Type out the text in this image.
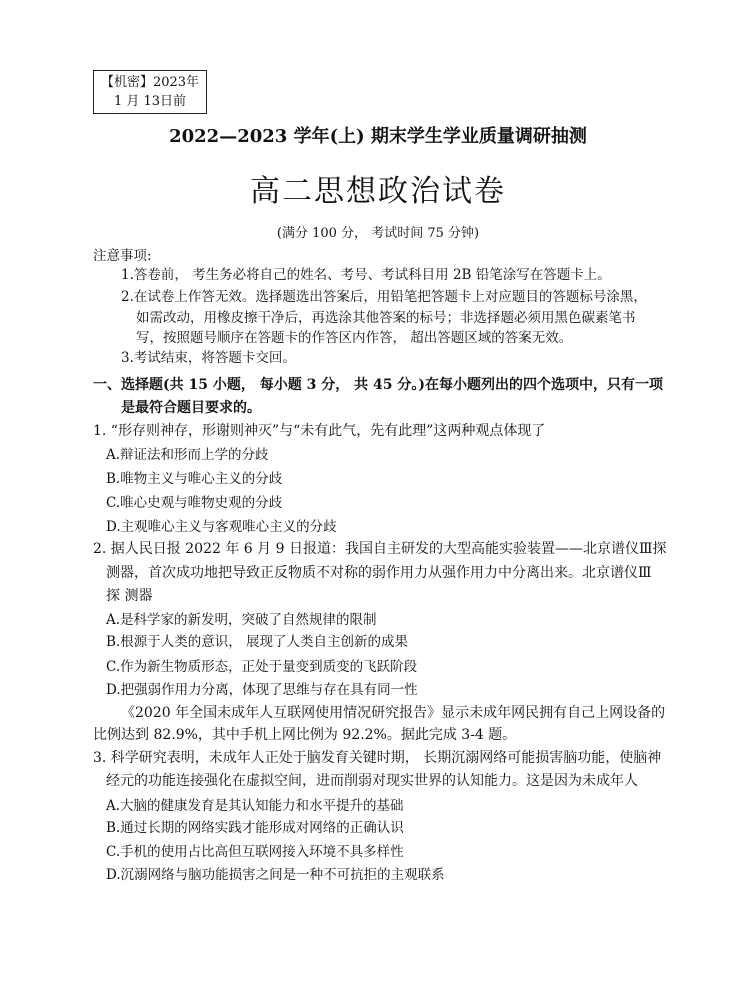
【机密】2023年
1 月 13日前
2022—2023 学年(上) 期末学生学业质量调研抽测
高二思想政治试卷
(满分 100 分， 考试时间 75 分钟)
注意事项:
1.答卷前， 考生务必将自己的姓名、考号、考试科目用 2B 铅笔涂写在答题卡上。
2.在试卷上作答无效。选择题选出答案后，用铅笔把答题卡上对应题目的答题标号涂黑，
如需改动，用橡皮擦干净后，再选涂其他答案的标号；非选择题必须用黑色碳素笔书
写，按照题号顺序在答题卡的作答区内作答， 超出答题区域的答案无效。
3.考试结束，将答题卡交回。
一、选择题(共 15 小题， 每小题 3 分， 共 45 分。)在每小题列出的四个选项中，只有一项
是最符合题目要求的。
1. “形存则神存，形谢则神灭”与“未有此气，先有此理”这两种观点体现了
A.辩证法和形而上学的分歧
B.唯物主义与唯心主义的分歧
C.唯心史观与唯物史观的分歧
D.主观唯心主义与客观唯心主义的分歧
2. 据人民日报 2022 年 6 月 9 日报道：我国自主研发的大型高能实验装置——北京谱仪Ⅲ探
测器，首次成功地把导致正反物质不对称的弱作用力从强作用力中分离出来。北京谱仪Ⅲ
探 测器
A.是科学家的新发明，突破了自然规律的限制
B.根源于人类的意识， 展现了人类自主创新的成果
C.作为新生物质形态，正处于量变到质变的飞跃阶段
D.把强弱作用力分离，体现了思维与存在具有同一性
《2020 年全国未成年人互联网使用情况研究报告》显示未成年网民拥有自己上网设备的
比例达到 82.9%，其中手机上网比例为 92.2%。据此完成 3-4 题。
3. 科学研究表明，未成年人正处于脑发育关键时期， 长期沉溺网络可能损害脑功能，使脑神
经元的功能连接强化在虚拟空间，进而削弱对现实世界的认知能力。这是因为未成年人
A.大脑的健康发育是其认知能力和水平提升的基础
B.通过长期的网络实践才能形成对网络的正确认识
C.手机的使用占比高但互联网接入环境不具多样性
D.沉溺网络与脑功能损害之间是一种不可抗拒的主观联系
